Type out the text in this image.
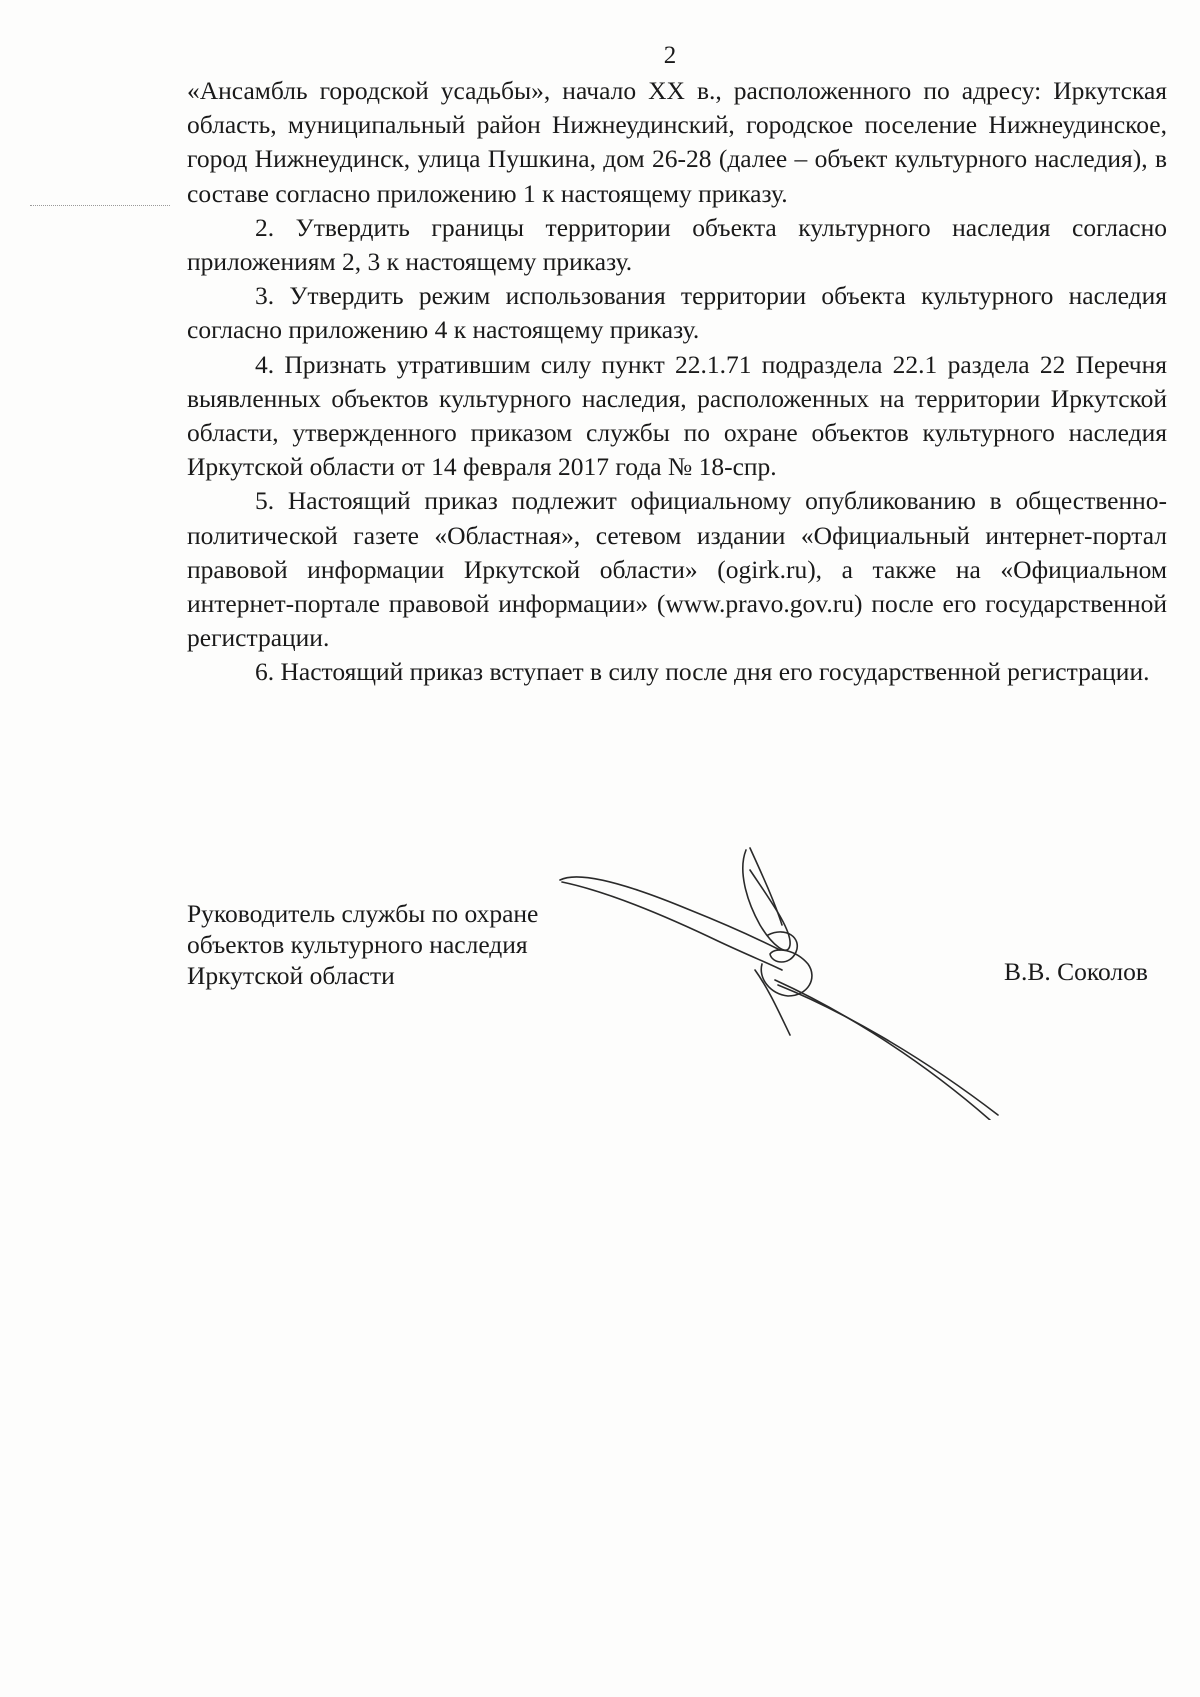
2

«Ансамбль городской усадьбы», начало XX в., расположенного по адресу: Иркутская область, муниципальный район Нижнеудинский, городское поселение Нижнеудинское, город Нижнеудинск, улица Пушкина, дом 26-28 (далее – объект культурного наследия), в составе согласно приложению 1 к настоящему приказу.

2. Утвердить границы территории объекта культурного наследия согласно приложениям 2, 3 к настоящему приказу.

3. Утвердить режим использования территории объекта культурного наследия согласно приложению 4 к настоящему приказу.

4. Признать утратившим силу пункт 22.1.71 подраздела 22.1 раздела 22 Перечня выявленных объектов культурного наследия, расположенных на территории Иркутской области, утвержденного приказом службы по охране объектов культурного наследия Иркутской области от 14 февраля 2017 года № 18-спр.

5. Настоящий приказ подлежит официальному опубликованию в общественно-политической газете «Областная», сетевом издании «Официальный интернет-портал правовой информации Иркутской области» (ogirk.ru), а также на «Официальном интернет-портале правовой информации» (www.pravo.gov.ru) после его государственной регистрации.

6. Настоящий приказ вступает в силу после дня его государственной регистрации.

Руководитель службы по охране
объектов культурного наследия
Иркутской области	В.В. Соколов
